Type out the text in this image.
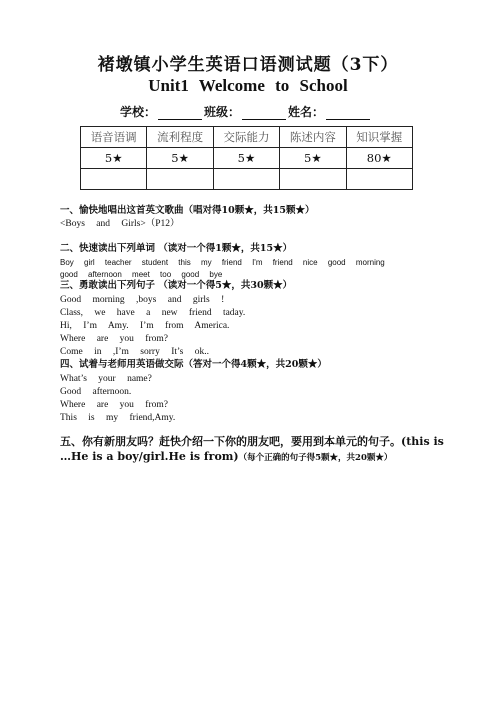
褚墩镇小学生英语口语测试题（3下）
Unit1 Welcome to School
学校：	班级：	姓名：
语音语调	流利程度	交际能力	陈述内容	知识掌握
5★	5★	5★	5★	80★

一、愉快地唱出这首英文歌曲（唱对得10颗★，共15颗★）
<Boys and Girls>（P12）
二、快速读出下列单词 （读对一个得1颗★，共15★）
Boy girl teacher student this my friend I'm friend nice good morning
good afternoon meet too good bye
三、勇敢读出下列句子 （读对一个得5★，共30颗★）
Good morning ,boys and girls !
Class, we have a new friend taday.
Hi, I’m Amy. I’m from America.
Where are you from?
Come in ,I’m sorry It’s ok..
四、试着与老师用英语做交际（答对一个得4颗★，共20颗★）
What’s your name?
Good afternoon.
Where are you from?
This is my friend,Amy.
五、你有新朋友吗？赶快介绍一下你的朋友吧，要用到本单元的句子。(this is …He is a boy/girl.He is from)（每个正确的句子得5颗★，共20颗★）
